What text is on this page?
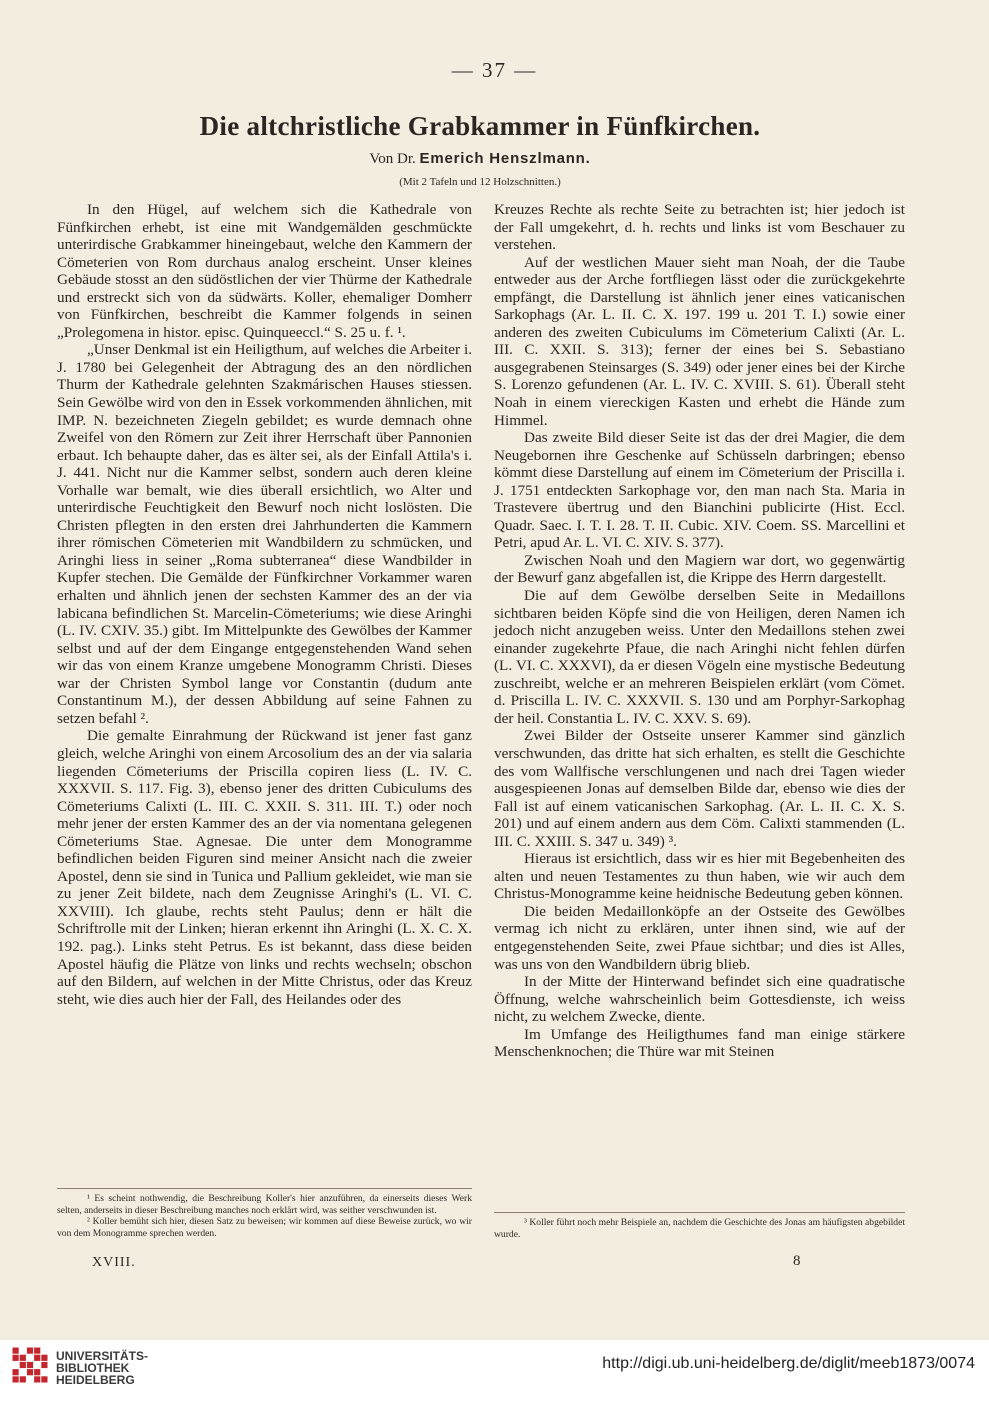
— 37 —
Die altchristliche Grabkammer in Fünfkirchen.
Von Dr. Emerich Henszlmann.
(Mit 2 Tafeln und 12 Holzschnitten.)

In den Hügel, auf welchem sich die Kathedrale von Fünfkirchen erhebt, ist eine mit Wandgemälden geschmückte unterirdische Grabkammer hineingebaut, welche den Kammern der Cömeterien von Rom durchaus analog erscheint. Unser kleines Gebäude stosst an den südöstlichen der vier Thürme der Kathedrale und erstreckt sich von da südwärts. Koller, ehemaliger Domherr von Fünfkirchen, beschreibt die Kammer folgends in seinen „Prolegomena in histor. episc. Quinqueeccl.“ S. 25 u. f. ¹.

„Unser Denkmal ist ein Heiligthum, auf welches die Arbeiter i. J. 1780 bei Gelegenheit der Abtragung des an den nördlichen Thurm der Kathedrale gelehnten Szakmárischen Hauses stiessen. Sein Gewölbe wird von den in Essek vorkommenden ähnlichen, mit IMP. N. bezeichneten Ziegeln gebildet; es wurde demnach ohne Zweifel von den Römern zur Zeit ihrer Herrschaft über Pannonien erbaut. Ich behaupte daher, das es älter sei, als der Einfall Attila's i. J. 441. Nicht nur die Kammer selbst, sondern auch deren kleine Vorhalle war bemalt, wie dies überall ersichtlich, wo Alter und unterirdische Feuchtigkeit den Bewurf noch nicht loslösten. Die Christen pflegten in den ersten drei Jahrhunderten die Kammern ihrer römischen Cömeterien mit Wandbildern zu schmücken, und Aringhi liess in seiner „Roma subterranea“ diese Wandbilder in Kupfer stechen. Die Gemälde der Fünfkirchner Vorkammer waren erhalten und ähnlich jenen der sechsten Kammer des an der via labicana befindlichen St. Marcelin-Cömeteriums; wie diese Aringhi (L. IV. CXIV. 35.) gibt. Im Mittelpunkte des Gewölbes der Kammer selbst und auf der dem Eingange entgegenstehenden Wand sehen wir das von einem Kranze umgebene Monogramm Christi. Dieses war der Christen Symbol lange vor Constantin (dudum ante Constantinum M.), der dessen Abbildung auf seine Fahnen zu setzen befahl ².

Die gemalte Einrahmung der Rückwand ist jener fast ganz gleich, welche Aringhi von einem Arcosolium des an der via salaria liegenden Cömeteriums der Priscilla copiren liess (L. IV. C. XXXVII. S. 117. Fig. 3), ebenso jener des dritten Cubiculums des Cömeteriums Calixti (L. III. C. XXII. S. 311. III. T.) oder noch mehr jener der ersten Kammer des an der via nomentana gelegenen Cömeteriums Stae. Agnesae. Die unter dem Monogramme befindlichen beiden Figuren sind meiner Ansicht nach die zweier Apostel, denn sie sind in Tunica und Pallium gekleidet, wie man sie zu jener Zeit bildete, nach dem Zeugnisse Aringhi's (L. VI. C. XXVIII). Ich glaube, rechts steht Paulus; denn er hält die Schriftrolle mit der Linken; hieran erkennt ihn Aringhi (L. X. C. X. 192. pag.). Links steht Petrus. Es ist bekannt, dass diese beiden Apostel häufig die Plätze von links und rechts wechseln; obschon auf den Bildern, auf welchen in der Mitte Christus, oder das Kreuz steht, wie dies auch hier der Fall, des Heilandes oder des

Kreuzes Rechte als rechte Seite zu betrachten ist; hier jedoch ist der Fall umgekehrt, d. h. rechts und links ist vom Beschauer zu verstehen.

Auf der westlichen Mauer sieht man Noah, der die Taube entweder aus der Arche fortfliegen lässt oder die zurückgekehrte empfängt, die Darstellung ist ähnlich jener eines vaticanischen Sarkophags (Ar. L. II. C. X. 197. 199 u. 201 T. I.) sowie einer anderen des zweiten Cubiculums im Cömeterium Calixti (Ar. L. III. C. XXII. S. 313); ferner der eines bei S. Sebastiano ausgegrabenen Steinsarges (S. 349) oder jener eines bei der Kirche S. Lorenzo gefundenen (Ar. L. IV. C. XVIII. S. 61). Überall steht Noah in einem viereckigen Kasten und erhebt die Hände zum Himmel.

Das zweite Bild dieser Seite ist das der drei Magier, die dem Neugebornen ihre Geschenke auf Schüsseln darbringen; ebenso kömmt diese Darstellung auf einem im Cömeterium der Priscilla i. J. 1751 entdeckten Sarkophage vor, den man nach Sta. Maria in Trastevere übertrug und den Bianchini publicirte (Hist. Eccl. Quadr. Saec. I. T. I. 28. T. II. Cubic. XIV. Coem. SS. Marcellini et Petri, apud Ar. L. VI. C. XIV. S. 377).

Zwischen Noah und den Magiern war dort, wo gegenwärtig der Bewurf ganz abgefallen ist, die Krippe des Herrn dargestellt.

Die auf dem Gewölbe derselben Seite in Medaillons sichtbaren beiden Köpfe sind die von Heiligen, deren Namen ich jedoch nicht anzugeben weiss. Unter den Medaillons stehen zwei einander zugekehrte Pfaue, die nach Aringhi nicht fehlen dürfen (L. VI. C. XXXVI), da er diesen Vögeln eine mystische Bedeutung zuschreibt, welche er an mehreren Beispielen erklärt (vom Cömet. d. Priscilla L. IV. C. XXXVII. S. 130 und am Porphyr-Sarkophag der heil. Constantia L. IV. C. XXV. S. 69).

Zwei Bilder der Ostseite unserer Kammer sind gänzlich verschwunden, das dritte hat sich erhalten, es stellt die Geschichte des vom Wallfische verschlungenen und nach drei Tagen wieder ausgespieenen Jonas auf demselben Bilde dar, ebenso wie dies der Fall ist auf einem vaticanischen Sarkophag. (Ar. L. II. C. X. S. 201) und auf einem andern aus dem Cöm. Calixti stammenden (L. III. C. XXIII. S. 347 u. 349) ³.

Hieraus ist ersichtlich, dass wir es hier mit Begebenheiten des alten und neuen Testamentes zu thun haben, wie wir auch dem Christus-Monogramme keine heidnische Bedeutung geben können.

Die beiden Medaillonköpfe an der Ostseite des Gewölbes vermag ich nicht zu erklären, unter ihnen sind, wie auf der entgegenstehenden Seite, zwei Pfaue sichtbar; und dies ist Alles, was uns von den Wandbildern übrig blieb.

In der Mitte der Hinterwand befindet sich eine quadratische Öffnung, welche wahrscheinlich beim Gottesdienste, ich weiss nicht, zu welchem Zwecke, diente.

Im Umfange des Heiligthumes fand man einige stärkere Menschenknochen; die Thüre war mit Steinen

¹ Es scheint nothwendig, die Beschreibung Koller's hier anzuführen, da einerseits dieses Werk selten, anderseits in dieser Beschreibung manches noch erklärt wird, was seither verschwunden ist.

² Koller bemüht sich hier, diesen Satz zu beweisen; wir kommen auf diese Beweise zurück, wo wir von dem Monogramme sprechen werden.

³ Koller führt noch mehr Beispiele an, nachdem die Geschichte des Jonas am häufigsten abgebildet wurde.

XVIII.	8
UNIVERSITÄTS-
BIBLIOTHEK
HEIDELBERG
http://digi.ub.uni-heidelberg.de/diglit/meeb1873/0074
